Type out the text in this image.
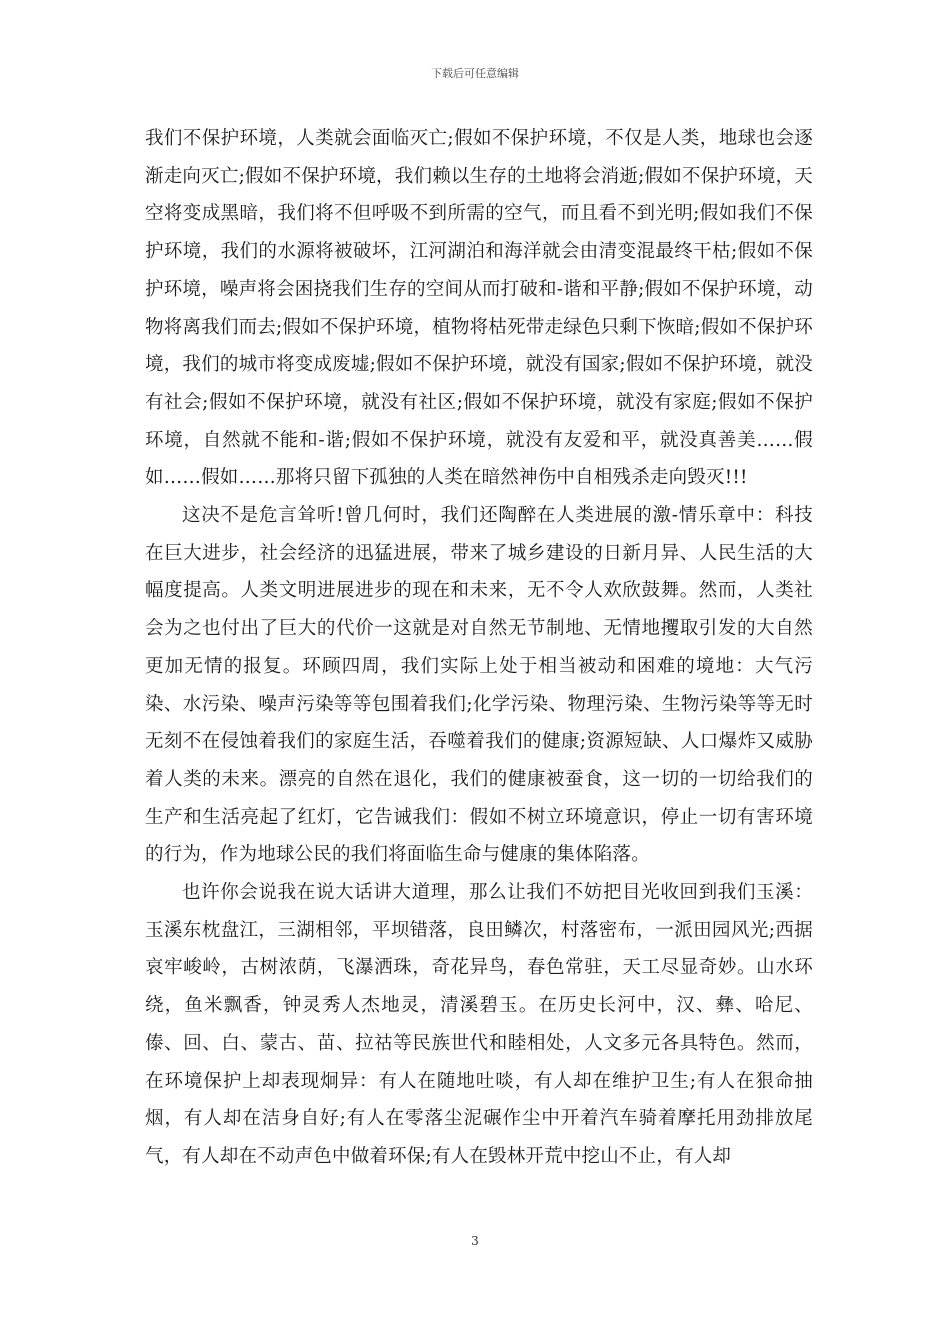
下载后可任意编辑

我们不保护环境，人类就会面临灭亡;假如不保护环境，不仅是人类，地球也会逐渐走向灭亡;假如不保护环境，我们赖以生存的土地将会消逝;假如不保护环境，天空将变成黑暗，我们将不但呼吸不到所需的空气，而且看不到光明;假如我们不保护环境，我们的水源将被破坏，江河湖泊和海洋就会由清变混最终干枯;假如不保护环境，噪声将会困挠我们生存的空间从而打破和-谐和平静;假如不保护环境，动物将离我们而去;假如不保护环境，植物将枯死带走绿色只剩下恢暗;假如不保护环境，我们的城市将变成废墟;假如不保护环境，就没有国家;假如不保护环境，就没有社会;假如不保护环境，就没有社区;假如不保护环境，就没有家庭;假如不保护环境，自然就不能和-谐;假如不保护环境，就没有友爱和平，就没真善美……假如……假如……那将只留下孤独的人类在暗然神伤中自相残杀走向毁灭!!!

这决不是危言耸听!曾几何时，我们还陶醉在人类进展的激-情乐章中：科技在巨大进步，社会经济的迅猛进展，带来了城乡建设的日新月异、人民生活的大幅度提高。人类文明进展进步的现在和未来，无不令人欢欣鼓舞。然而，人类社会为之也付出了巨大的代价一这就是对自然无节制地、无情地攫取引发的大自然更加无情的报复。环顾四周，我们实际上处于相当被动和困难的境地：大气污染、水污染、噪声污染等等包围着我们;化学污染、物理污染、生物污染等等无时无刻不在侵蚀着我们的家庭生活，吞噬着我们的健康;资源短缺、人口爆炸又威胁着人类的未来。漂亮的自然在退化，我们的健康被蚕食，这一切的一切给我们的生产和生活亮起了红灯，它告诫我们：假如不树立环境意识，停止一切有害环境的行为，作为地球公民的我们将面临生命与健康的集体陷落。

也许你会说我在说大话讲大道理，那么让我们不妨把目光收回到我们玉溪：玉溪东枕盘江，三湖相邻，平坝错落，良田鳞次，村落密布，一派田园风光;西据哀牢峻岭，古树浓荫，飞瀑洒珠，奇花异鸟，春色常驻，天工尽显奇妙。山水环绕，鱼米飘香，钟灵秀人杰地灵，清溪碧玉。在历史长河中，汉、彝、哈尼、傣、回、白、蒙古、苗、拉祜等民族世代和睦相处，人文多元各具特色。然而，在环境保护上却表现炯异：有人在随地吐啖，有人却在维护卫生;有人在狠命抽烟，有人却在洁身自好;有人在零落尘泥碾作尘中开着汽车骑着摩托用劲排放尾气，有人却在不动声色中做着环保;有人在毁林开荒中挖山不止，有人却

3
